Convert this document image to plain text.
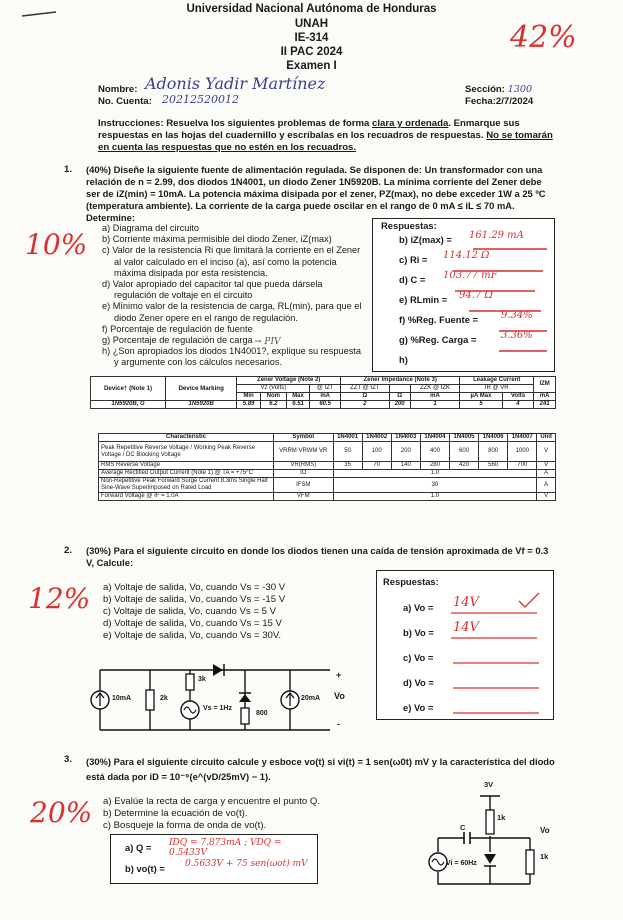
Universidad Nacional Autónoma de Honduras
UNAH
IE-314
II PAC 2024
Examen I
42%
Nombre: Adonis Yadir Martínez
No. Cuenta: 20212520012
Sección: 1300
Fecha:2/7/2024
Instrucciones: Resuelva los siguientes problemas de forma clara y ordenada. Enmarque sus respuestas en las hojas del cuadernillo y escríbalas en los recuadros de respuestas. No se tomarán en cuenta las respuestas que no estén en los recuadros.
1. (40%) Diseñe la siguiente fuente de alimentación regulada. Se disponen de: Un transformador con una relación de n = 2.99, dos diodos 1N4001, un diodo Zener 1N5920B. La mínima corriente del Zener debe ser de iZ(min) = 10mA. La potencia máxima disipada por el zener, PZ(max), no debe exceder 1W a 25 ºC (temperatura ambiente). La corriente de la carga puede oscilar en el rango de 0 mA ≤ iL ≤ 70 mA. Determine:
10% a) Diagrama del circuito
b) Corriente máxima permisible del diodo Zener, iZ(max)
c) Valor de la resistencia Ri que limitará la corriente en el Zener al valor calculado en el inciso (a), así como la potencia máxima disipada por esta resistencia.
d) Valor apropiado del capacitor tal que pueda dársela regulación de voltaje en el circuito
e) Mínimo valor de la resistencia de carga, RL(min), para que el diodo Zener opere en el rango de regulación.
f) Porcentaje de regulación de fuente
g) Porcentaje de regulación de carga
h) ¿Son apropiados los diodos 1N4001?, explique su respuesta y argumente con los cálculos necesarios.
→ PIV
Respuestas:
b) iZ(max) = 161.29 mA
c) Ri = 114.12 Ω
d) C = 103.77 mF
e) RLmin = 94.7 Ω
f) %Reg. Fuente = 9.34%
g) %Reg. Carga = 3.36%
h)
Device† (Note 1)	Device Marking	Zener Voltage (Note 2)				Zener Impedance (Note 3)			Leakage Current		IZM
		Vz (Volts)			@ IZT	ZZT @ IZT		ZZK @ IZK	IR @ VR		
		Min	Nom	Max	mA	Ω	Ω	mA	µA Max	Volts	mA
1N5920B, G	1N5920B	5.89	6.2	6.51	60.5	2	200	1	5	4	241
Characteristic	Symbol	1N4001	1N4002	1N4003	1N4004	1N4005	1N4006	1N4007	Unit
Peak Repetitive Reverse Voltage / Working Peak Reverse Voltage / DC Blocking Voltage	VRRM VRWM VR	50	100	200	400	600	800	1000	V
RMS Reverse Voltage	VR(RMS)	35	70	140	280	420	560	700	V
Average Rectified Output Current (Note 1) @ TA = +75°C	IO	1.0							A
Non-Repetitive Peak Forward Surge Current 8.3ms Single Half Sine-Wave Superimposed on Rated Load	IFSM	30							A
Forward Voltage @ IF = 1.0A	VFM	1.0							V
2. (30%) Para el siguiente circuito en donde los diodos tienen una caída de tensión aproximada de Vf = 0.3 V, Calcule:
12% a) Voltaje de salida, Vo, cuando Vs = -30 V
b) Voltaje de salida, Vo, cuando Vs = -15 V
c) Voltaje de salida, Vo, cuando Vs = 5 V
d) Voltaje de salida, Vo, cuando Vs = 15 V
e) Voltaje de salida, Vo, cuando Vs = 30V.
Respuestas:
a) Vo = 14V
b) Vo = 14V
c) Vo =
d) Vo =
e) Vo =
10mA	2k
3k
Vs = 1Hz
800
20mA
+
Vo
-
3. (30%) Para el siguiente circuito calcule y esboce vo(t) si vi(t) = 1 sen(ω0t) mV y la característica del diodo está dada por iD = 10⁻⁹(e^(vD/25mV) − 1).
20% a) Evalúe la recta de carga y encuentre el punto Q.
b) Determine la ecuación de vo(t).
c) Bosqueje la forma de onda de vo(t).
a) Q = IDQ = 7.873mA ; VDQ = 0.5433V
b) vo(t) = 0.5633V + 75 sen(ωot) mV
3V
C
1k
Vo
Vi = 60Hz
1k
